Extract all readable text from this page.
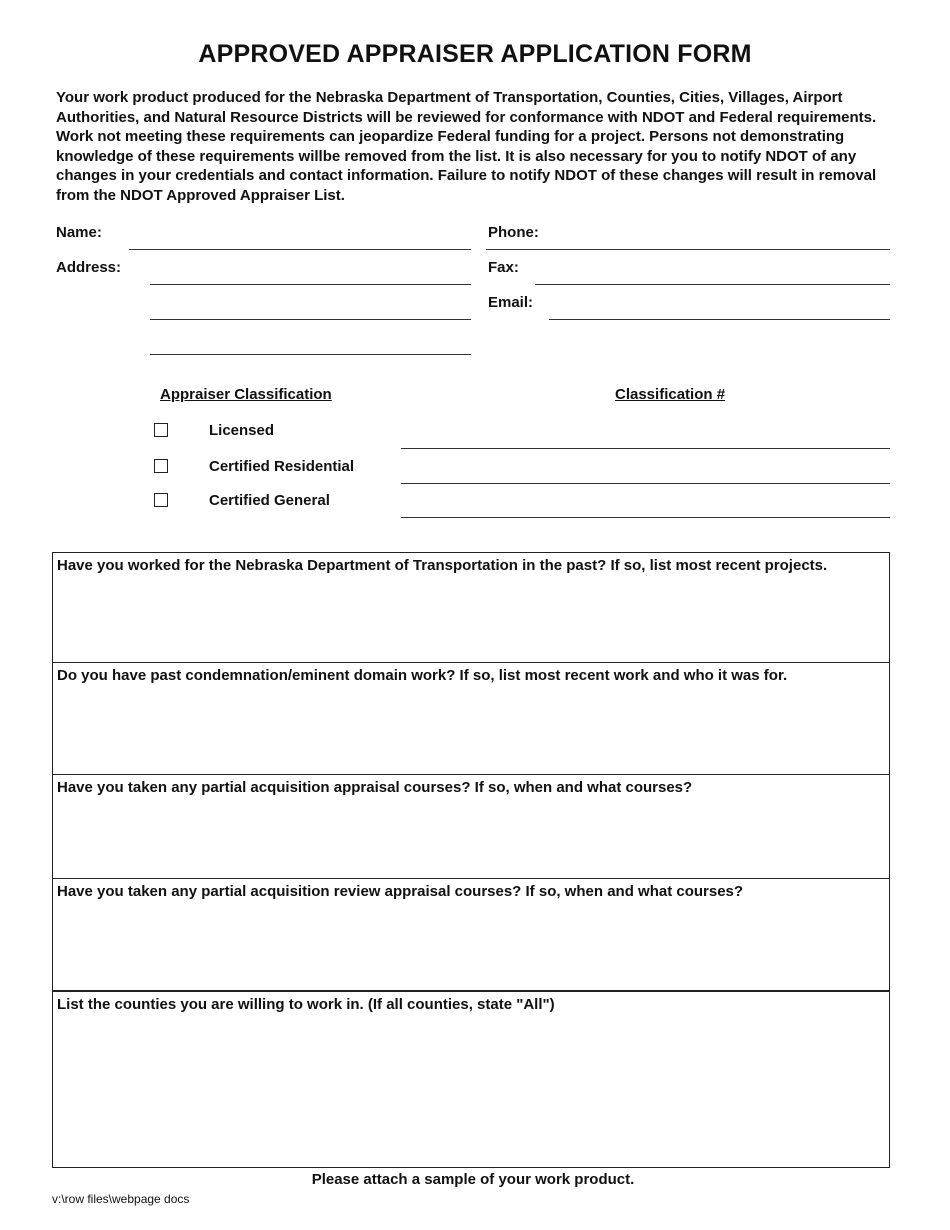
APPROVED APPRAISER APPLICATION FORM
Your work product produced for the Nebraska Department of Transportation, Counties, Cities, Villages, Airport Authorities, and Natural Resource Districts will be reviewed for conformance with NDOT and Federal requirements. Work not meeting these requirements can jeopardize Federal funding for a project. Persons not demonstrating knowledge of these requirements willbe removed from the list. It is also necessary for you to notify NDOT of any changes in your credentials and contact information. Failure to notify NDOT of these changes will result in removal from the NDOT Approved Appraiser List.
Name:
Address:
Phone:
Fax:
Email:
Appraiser Classification	Classification #
Licensed
Certified Residential
Certified General
Have you worked for the Nebraska Department of Transportation in the past? If so, list most recent projects.
Do you have past condemnation/eminent domain work? If so, list most recent work and who it was for.
Have you taken any partial acquisition appraisal courses? If so, when and what courses?
Have you taken any partial acquisition review appraisal courses? If so, when and what courses?
List the counties you are willing to work in. (If all counties, state "All")
Please attach a sample of your work product.
v:\row files\webpage docs
